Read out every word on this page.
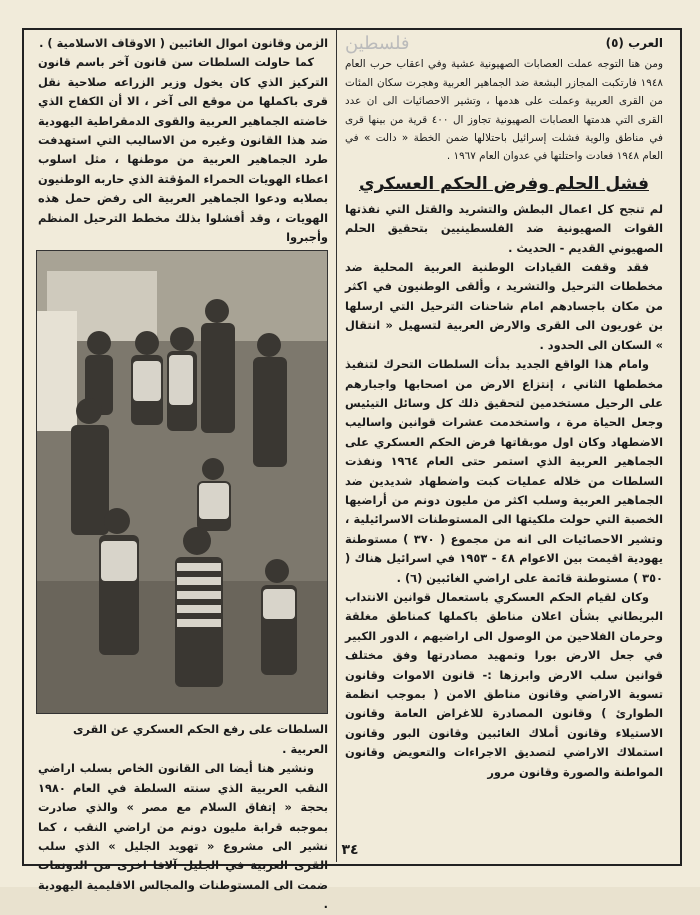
العرب (٥)
فلسطين

ومن هنا التوجه عملت العصابات الصهيونية عشية وفي اعقاب حرب العام ١٩٤٨ فارتكبت المجازر البشعة ضد الجماهير العربية وهجرت سكان المئات من القرى العربية وعملت على هدمها ، وتشير الاحصائيات الى ان عدد القرى التي هدمتها العصابات الصهيونية تجاوز ال ٤٠٠ قرية من بينها قرى في مناطق والوية فشلت إسرائيل باحتلالها ضمن الخطة « دالت » في العام ١٩٤٨ فعادت واحتلتها في عدوان العام ١٩٦٧ .

فشل الحلم وفرض الحكم العسكري

لم تنجح كل اعمال البطش والتشريد والقتل التي نفذتها القوات الصهيونية ضد الفلسطينيين بتحقيق الحلم الصهيوني القديم - الحديث .

فقد وقفت القيادات الوطنية العربية المحلية ضد مخططات الترحيل والتشريد ، وألقى الوطنيون في اكثر من مكان باجسادهم امام شاحنات الترحيل التي ارسلها بن غوريون الى القرى والارض العربية لتسهيل « انتقال » السكان الى الحدود .

وامام هذا الواقع الجديد بدأت السلطات التحرك لتنفيذ مخططها الثاني ، إنتزاع الارض من اصحابها واجبارهم على الرحيل مستخدمين لتحقيق ذلك كل وسائل التيئيس وجعل الحياة مرة ، واستخدمت عشرات قوانين واساليب الاضطهاد وكان اول موبقاتها فرض الحكم العسكري على الجماهير العربية الذي استمر حتى العام ١٩٦٤ ونفذت السلطات من خلاله عمليات كبت واضطهاد شديدين ضد الجماهير العربية وسلب اكثر من مليون دونم من أراضيها الخصبة التي حولت ملكيتها الى المستوطنات الاسرائيلية ، وتشير الاحصائيات الى انه من مجموع ( ٣٧٠ ) مستوطنة يهودية اقيمت بين الاعوام ٤٨ - ١٩٥٣ في اسرائيل هناك ( ٣٥٠ ) مستوطنة قائمة على اراضي الغائبين (٦) .

وكان لقيام الحكم العسكري باستعمال قوانين الانتداب البريطاني بشأن اعلان مناطق باكملها كمناطق مغلقة وحرمان الفلاحين من الوصول الى اراضيهم ، الدور الكبير في جعل الارض بورا وتمهيد مصادرتها وفق مختلف قوانين سلب الارض وابرزها :- قانون الاموات وقانون تسوية الاراضي وقانون مناطق الامن ( بموجب انظمة الطوارئ ) وقانون المصادرة للاغراض العامة وقانون الاستيلاء وقانون أملاك الغائبين وقانون البور وقانون استملاك الاراضي لتصديق الاجراءات والتعويض وقانون المواطنة والصورة وقانون مرور

الزمن وقانون اموال الغائبين ( الاوقاف الاسلامية ) .

كما حاولت السلطات سن قانون آخر باسم قانون التركيز الذي كان يخول وزير الزراعه صلاحية نقل قرى باكملها من موقع الى آخر ، الا أن الكفاح الذي خاضته الجماهير العربية والقوى الدمقراطية اليهودية ضد هذا القانون وغيره من الاساليب التي استهدفت طرد الجماهير العربية من موطنها ، مثل اسلوب اعطاء الهويات الحمراء المؤقتة الذي حاربه الوطنيون بصلابه ودعوا الجماهير العربية الى رفض حمل هذه الهويات ، وقد أفشلوا بذلك مخطط الترحيل المنظم وأجبروا

السلطات على رفع الحكم العسكري عن القرى العربية .

ونشير هنا أيضا الى القانون الخاص بسلب اراضي النقب العربية الذي سنته السلطة في العام ١٩٨٠ بحجة « إتفاق السلام مع مصر » والذي صادرت بموجبه قرابة مليون دونم من اراضي النقب ، كما نشير الى مشروع « تهويد الجليل » الذي سلب القرى العربية في الجليل آلافا اخرى من الدونمات ضمت الى المستوطنات والمجالس الاقليمية اليهودية .

٣٤
